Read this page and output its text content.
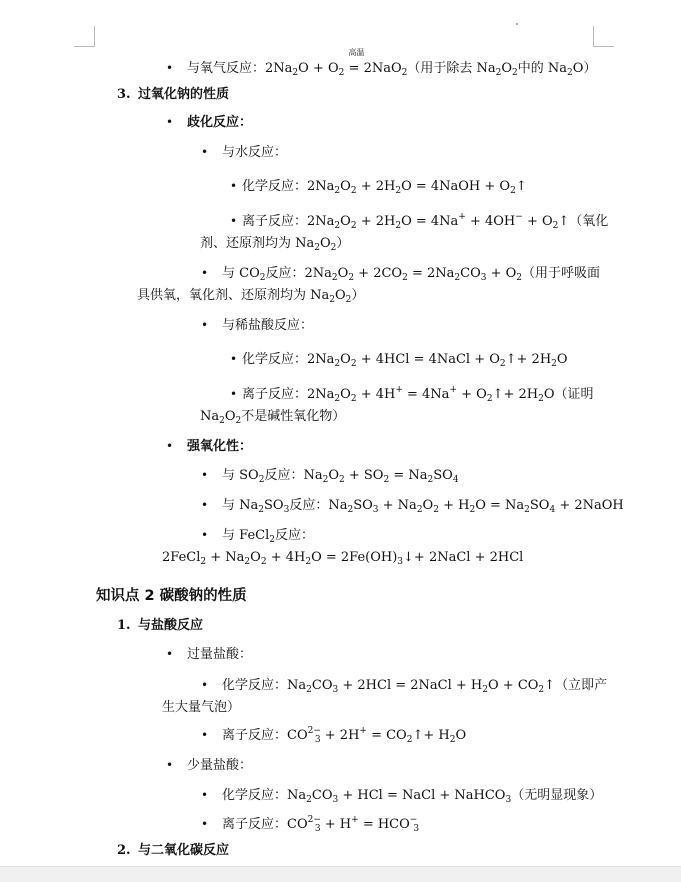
• 与氧气反应：$2Na_2O + O_2$
高温
= 2NaO$_2$（用于除去 $Na_2O_2$中的 $Na_2O$）
3. 过氧化钠的性质
• 歧化反应：
• 与水反应：
• 化学反应：$2Na_2O_2 + 2H_2O$ = 4NaOH + $O_2↑$
• 离子反应：$2Na_2O_2 + 2H_2O = 4Na^+ + 4OH^-$ + $O_2↑$（氧化
剂、还原剂均为 $Na_2O_2$）
• 与 $CO_2$反应：$2Na_2O_2 + 2CO_2 = 2Na_2CO_3 + O_2$（用于呼吸面
具供氧，氧化剂、还原剂均为 $Na_2O_2$）
• 与稀盐酸反应：
• 化学反应：$2Na_2O_2 + 4HCl$ = 4NaCl + $O_2↑+ 2H_2O$
• 离子反应：$2Na_2O_2 + 4H^+ = 4Na^+$ + $O_2↑+ 2H_2O$（证明
$Na_2O_2$不是碱性氧化物）
• 强氧化性：
• 与 $SO_2$反应：$Na_2O_2 + SO_2 = Na_2SO_4$
• 与 $Na_2SO_3$反应：$Na_2SO_3 + Na_2O_2 + H_2O = Na_2SO_4$ + 2NaOH
• 与 FeCl$_2$反应：
2FeCl$_2$ + $Na_2O_2 + 4H_2O$ = $2Fe(OH)_3↓+$ 2NaCl + 2HCl
知识点 2 碳酸钠的性质
1. 与盐酸反应
• 过量盐酸：
• 化学反应：$Na_2CO_3 + 2HCl$ = 2NaCl + $H_2O$ + $CO_2↑$（立即产
生大量气泡）
• 离子反应：$CO^{2-}_3 + 2H^+$ = $CO_2↑+ H_2O$
• 少量盐酸：
• 化学反应：$Na_2CO_3$ + HCl = NaCl + NaHCO$_3$（无明显现象）
• 离子反应：$CO^{2-}_3 + H^+ = HCO^-_3$
2. 与二氧化碳反应
